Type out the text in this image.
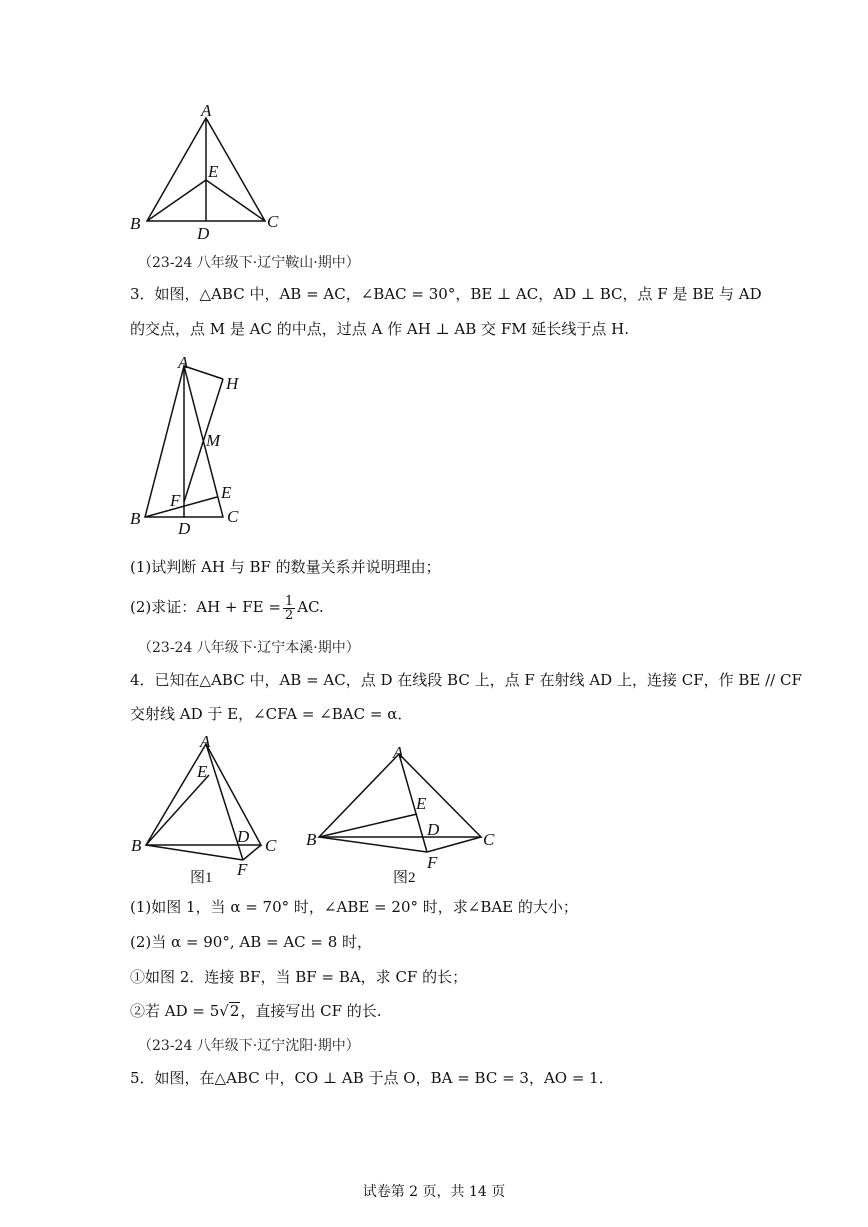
A
E
B	C
D
（23-24 八年级下·辽宁鞍山·期中）
3．如图，△ABC 中，AB = AC，∠BAC = 30°，BE ⊥ AC，AD ⊥ BC，点 F 是 BE 与 AD
的交点，点 M 是 AC 的中点，过点 A 作 AH ⊥ AB 交 FM 延长线于点 H.
A
H
M
F E
B
D
C
(1)试判断 AH 与 BF 的数量关系并说明理由；
(2)求证：AH + FE = $\frac{1}{2}$ AC.
（23-24 八年级下·辽宁本溪·期中）
4．已知在△ABC 中，AB = AC，点 D 在线段 BC 上，点 F 在射线 AD 上，连接 CF，作 BE // CF
交射线 AD 于 E，∠CFA = ∠BAC = α．
A
E
B	D C
F
图1
A
E
D
B	C
F
图2
(1)如图 1，当 α = 70° 时，∠ABE = 20° 时，求∠BAE 的大小；
(2)当 α = 90°, AB = AC = 8 时，
①如图 2．连接 BF，当 BF = BA，求 CF 的长；
②若 AD = 5√2，直接写出 CF 的长.
（23-24 八年级下·辽宁沈阳·期中）
5．如图，在△ABC 中，CO ⊥ AB 于点 O，BA = BC = 3，AO = 1．
试卷第 2 页，共 14 页
